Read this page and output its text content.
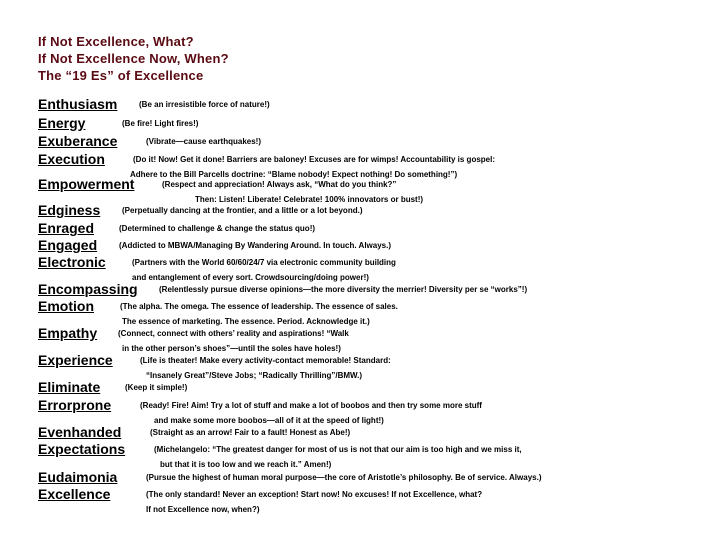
If Not Excellence, What?
If Not Excellence Now, When?
The “19 Es” of Excellence
Enthusiasm	(Be an irresistible force of nature!)
Energy	(Be fire! Light fires!)
Exuberance	(Vibrate—cause earthquakes!)
Execution	(Do it! Now! Get it done! Barriers are baloney! Excuses are for wimps! Accountability is gospel:
Adhere to the Bill Parcells doctrine: “Blame nobody! Expect nothing! Do something!”)
Empowerment	(Respect and appreciation! Always ask, “What do you think?”
Then: Listen! Liberate! Celebrate! 100% innovators or bust!)
Edginess	(Perpetually dancing at the frontier, and a little or a lot beyond.)
Enraged	(Determined to challenge & change the status quo!)
Engaged	(Addicted to MBWA/Managing By Wandering Around. In touch. Always.)
Electronic	(Partners with the World 60/60/24/7 via electronic community building
and entanglement of every sort. Crowdsourcing/doing power!)
Encompassing	(Relentlessly pursue diverse opinions—the more diversity the merrier! Diversity per se “works”!)
Emotion	(The alpha. The omega. The essence of leadership. The essence of sales.
The essence of marketing. The essence. Period. Acknowledge it.)
Empathy	(Connect, connect with others’ reality and aspirations! “Walk
in the other person’s shoes”—until the soles have holes!)
Experience	(Life is theater! Make every activity-contact memorable! Standard:
“Insanely Great”/Steve Jobs; “Radically Thrilling”/BMW.)
Eliminate	(Keep it simple!)
Errorprone	(Ready! Fire! Aim! Try a lot of stuff and make a lot of boobos and then try some more stuff
and make some more boobos—all of it at the speed of light!)
Evenhanded	(Straight as an arrow! Fair to a fault! Honest as Abe!)
Expectations	(Michelangelo: “The greatest danger for most of us is not that our aim is too high and we miss it,
but that it is too low and we reach it.” Amen!)
Eudaimonia	(Pursue the highest of human moral purpose—the core of Aristotle’s philosophy. Be of service. Always.)
Excellence	(The only standard! Never an exception! Start now! No excuses! If not Excellence, what?
If not Excellence now, when?)
